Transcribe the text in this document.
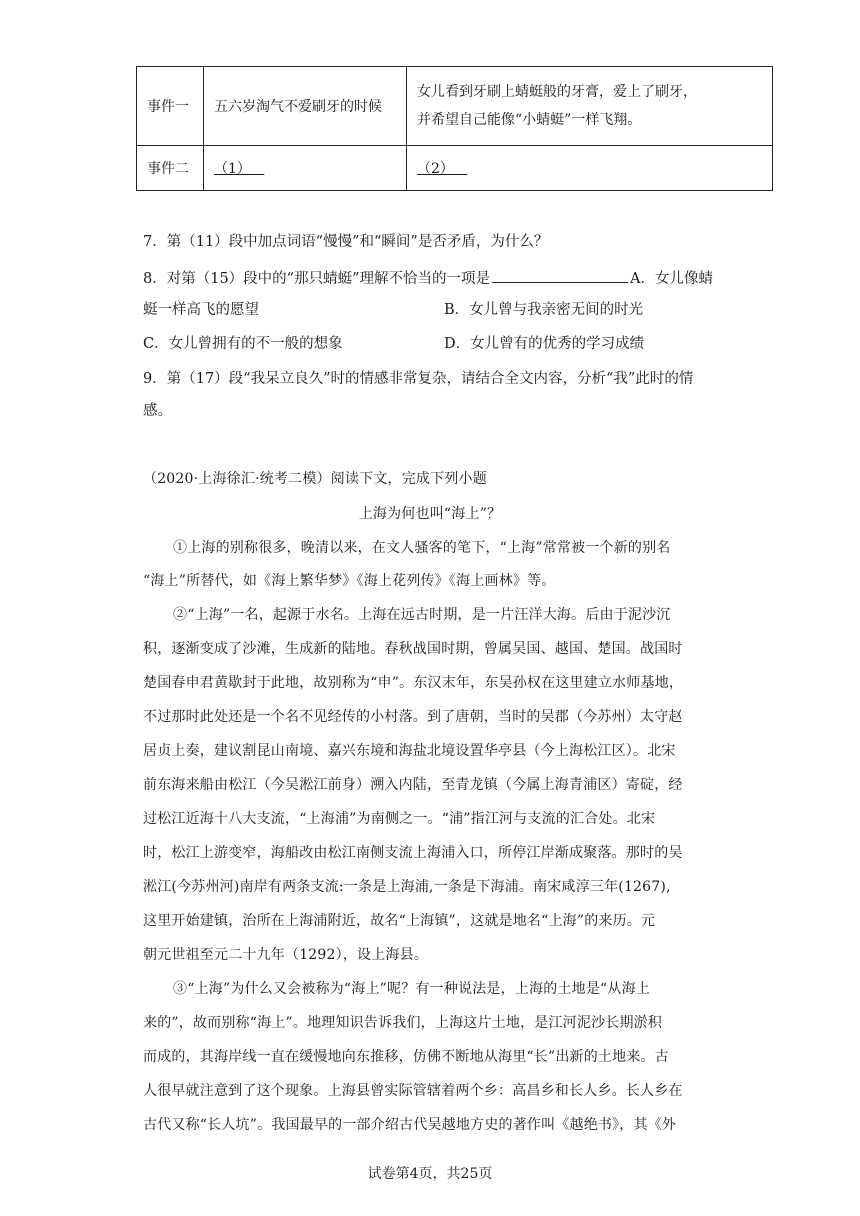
事件一	五六岁淘气不爱刷牙的时候	女儿看到牙刷上蜻蜓般的牙膏，爱上了刷牙，
并希望自己能像“小蜻蜓”一样飞翔。

事件二	（1）	（2）
7．第（11）段中加点词语“慢慢”和“瞬间”是否矛盾，为什么？
8．对第（15）段中的“那只蜻蜓”理解不恰当的一项是	A．女儿像蜻
蜓一样高飞的愿望	B．女儿曾与我亲密无间的时光
C．女儿曾拥有的不一般的想象	D．女儿曾有的优秀的学习成绩
9．第（17）段“我呆立良久”时的情感非常复杂，请结合全文内容，分析“我”此时的情
感。
（2020·上海徐汇·统考二模）阅读下文，完成下列小题
上海为何也叫“海上”？
①上海的别称很多，晚清以来，在文人骚客的笔下，“上海”常常被一个新的别名
“海上”所替代，如《海上繁华梦》《海上花列传》《海上画林》等。
②“上海”一名，起源于水名。上海在远古时期，是一片汪洋大海。后由于泥沙沉
积，逐渐变成了沙滩，生成新的陆地。春秋战国时期，曾属吴国、越国、楚国。战国时
楚国春申君黄歇封于此地，故别称为“申”。东汉末年，东吴孙权在这里建立水师基地，
不过那时此处还是一个名不见经传的小村落。到了唐朝，当时的吴郡（今苏州）太守赵
居贞上奏，建议割昆山南境、嘉兴东境和海盐北境设置华亭县（今上海松江区）。北宋
前东海来船由松江（今吴淞江前身）溯入内陆，至青龙镇（今属上海青浦区）寄碇，经
过松江近海十八大支流，“上海浦”为南侧之一。“浦”指江河与支流的汇合处。北宋
时，松江上游变窄，海船改由松江南侧支流上海浦入口，所停江岸渐成聚落。那时的吴
淞江(今苏州河)南岸有两条支流:一条是上海浦,一条是下海浦。南宋咸淳三年(1267),
这里开始建镇，治所在上海浦附近，故名“上海镇”，这就是地名“上海”的来历。元
朝元世祖至元二十九年（1292），设上海县。
③“上海”为什么又会被称为“海上”呢？有一种说法是，上海的土地是“从海上
来的”，故而别称“海上”。地理知识告诉我们，上海这片土地，是江河泥沙长期淤积
而成的，其海岸线一直在缓慢地向东推移，仿佛不断地从海里“长”出新的土地来。古
人很早就注意到了这个现象。上海县曾实际管辖着两个乡：高昌乡和长人乡。长人乡在
古代又称“长人坑”。我国最早的一部介绍古代吴越地方史的著作叫《越绝书》，其《外
试卷第4页，共25页
